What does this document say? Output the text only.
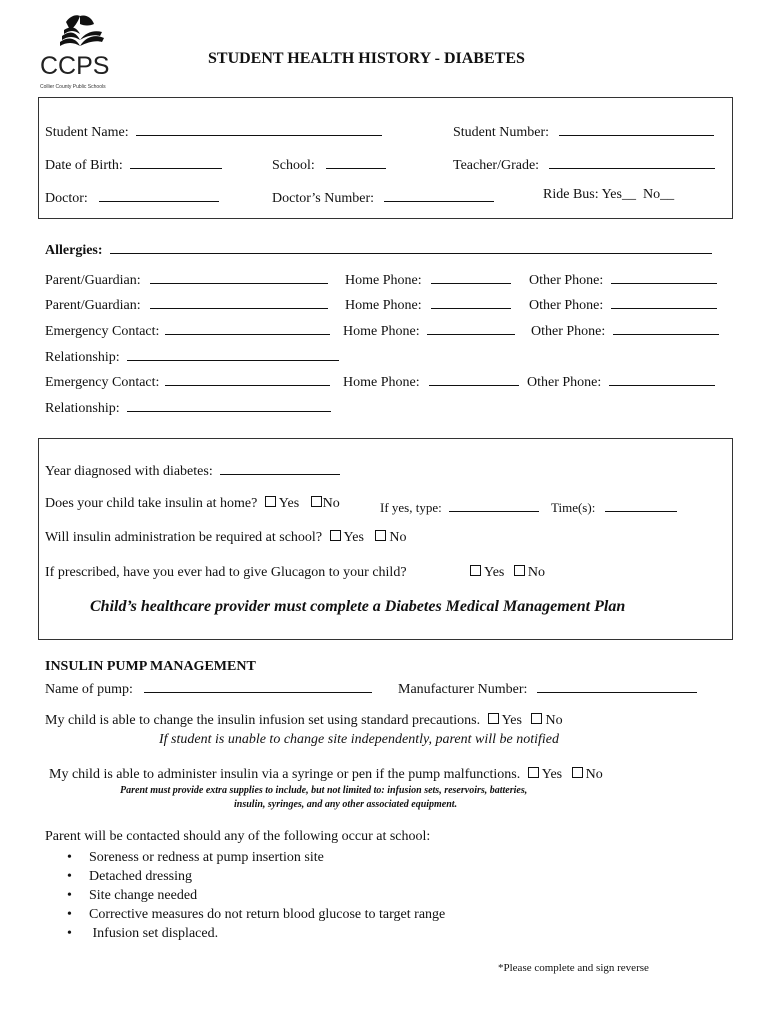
CCPS
Collier County Public Schools
STUDENT HEALTH HISTORY - DIABETES
Student Name:	Student Number:
Date of Birth:	School:	Teacher/Grade:
Doctor:	Doctor’s Number:	Ride Bus: Yes__  No__
Allergies:
Parent/Guardian:	Home Phone:	Other Phone:
Parent/Guardian:	Home Phone:	Other Phone:
Emergency Contact:	Home Phone:	Other Phone:
Relationship:
Emergency Contact:	Home Phone:	Other Phone:
Relationship:
Year diagnosed with diabetes:
Does your child take insulin at home? Yes No	If yes, type:	Time(s):
Will insulin administration be required at school? Yes No
If prescribed, have you ever had to give Glucagon to your child?	Yes No
Child’s healthcare provider must complete a Diabetes Medical Management Plan
INSULIN PUMP MANAGEMENT
Name of pump:	Manufacturer Number:
My child is able to change the insulin infusion set using standard precautions. Yes No
If student is unable to change site independently, parent will be notified
My child is able to administer insulin via a syringe or pen if the pump malfunctions. Yes No
Parent must provide extra supplies to include, but not limited to: infusion sets, reservoirs, batteries,
insulin, syringes, and any other associated equipment.
Parent will be contacted should any of the following occur at school:
• Soreness or redness at pump insertion site
• Detached dressing
• Site change needed
• Corrective measures do not return blood glucose to target range
•  Infusion set displaced.
*Please complete and sign reverse
